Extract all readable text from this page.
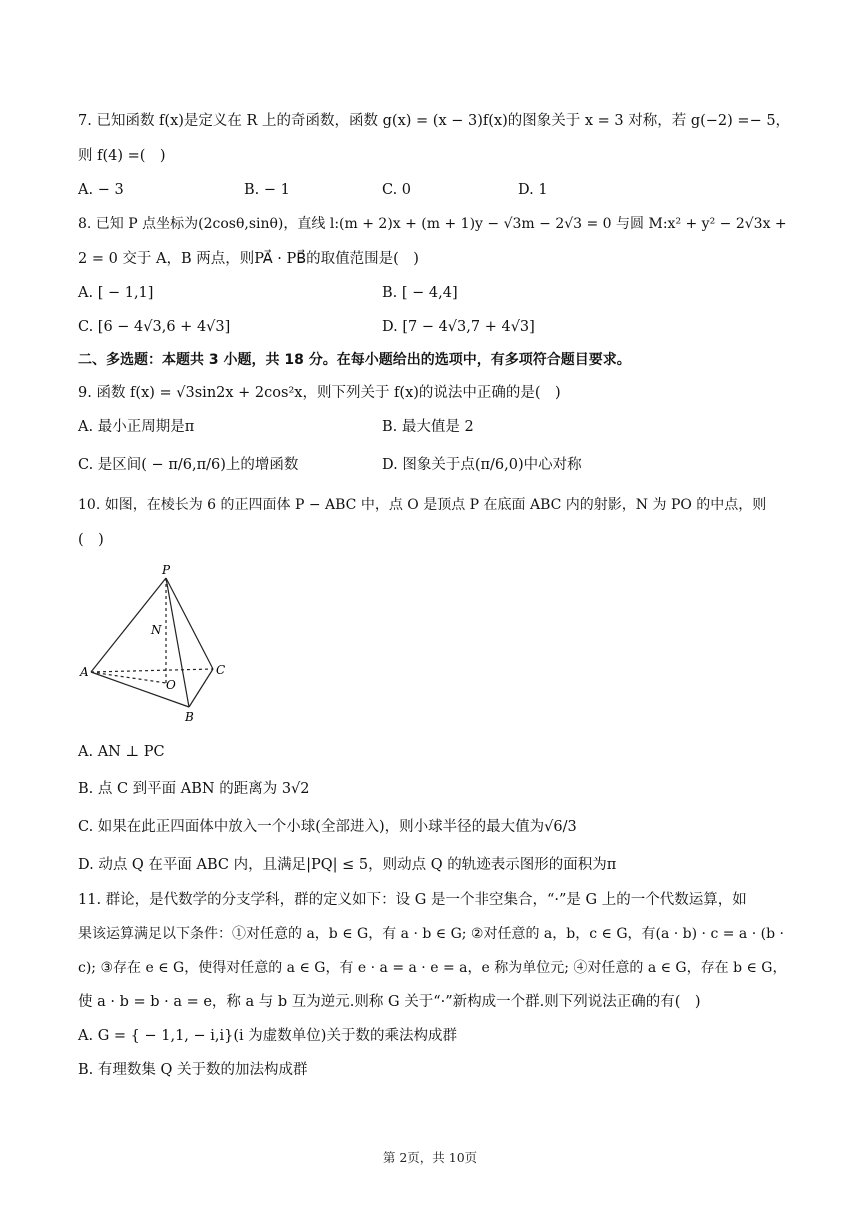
7. 已知函数 f(x)是定义在 R 上的奇函数，函数 g(x) = (x − 3)f(x)的图象关于 x = 3 对称，若 g(−2) =− 5，
则 f(4) =(　)
A. − 3	B. − 1	C. 0	D. 1
8. 已知 P 点坐标为(2cosθ,sinθ)，直线 l:(m + 2)x + (m + 1)y − √3m − 2√3 = 0 与圆 M:x² + y² − 2√3x +
2 = 0 交于 A，B 两点，则PA⃗ · PB⃗的取值范围是(　)
A. [ − 1,1]	B. [ − 4,4]
C. [6 − 4√3,6 + 4√3]	D. [7 − 4√3,7 + 4√3]
二、多选题：本题共 3 小题，共 18 分。在每小题给出的选项中，有多项符合题目要求。
9. 函数 f(x) = √3sin2x + 2cos²x，则下列关于 f(x)的说法中正确的是(　)
A. 最小正周期是π	B. 最大值是 2
C. 是区间( − π/6,π/6)上的增函数	D. 图象关于点(π/6,0)中心对称
10. 如图，在棱长为 6 的正四面体 P − ABC 中，点 O 是顶点 P 在底面 ABC 内的射影，N 为 PO 的中点，则
(　)
P
N
A
O
C
B
A. AN ⊥ PC
B. 点 C 到平面 ABN 的距离为 3√2
C. 如果在此正四面体中放入一个小球(全部进入)，则小球半径的最大值为√6/3
D. 动点 Q 在平面 ABC 内，且满足|PQ| ≤ 5，则动点 Q 的轨迹表示图形的面积为π
11. 群论，是代数学的分支学科，群的定义如下：设 G 是一个非空集合，“·”是 G 上的一个代数运算，如
果该运算满足以下条件：①对任意的 a，b ∈ G，有 a · b ∈ G; ②对任意的 a，b，c ∈ G，有(a · b) · c = a · (b ·
c); ③存在 e ∈ G，使得对任意的 a ∈ G，有 e · a = a · e = a，e 称为单位元; ④对任意的 a ∈ G，存在 b ∈ G，
使 a · b = b · a = e，称 a 与 b 互为逆元.则称 G 关于“·”新构成一个群.则下列说法正确的有(　)
A. G = { − 1,1, − i,i}(i 为虚数单位)关于数的乘法构成群
B. 有理数集 Q 关于数的加法构成群
第 2页，共 10页
